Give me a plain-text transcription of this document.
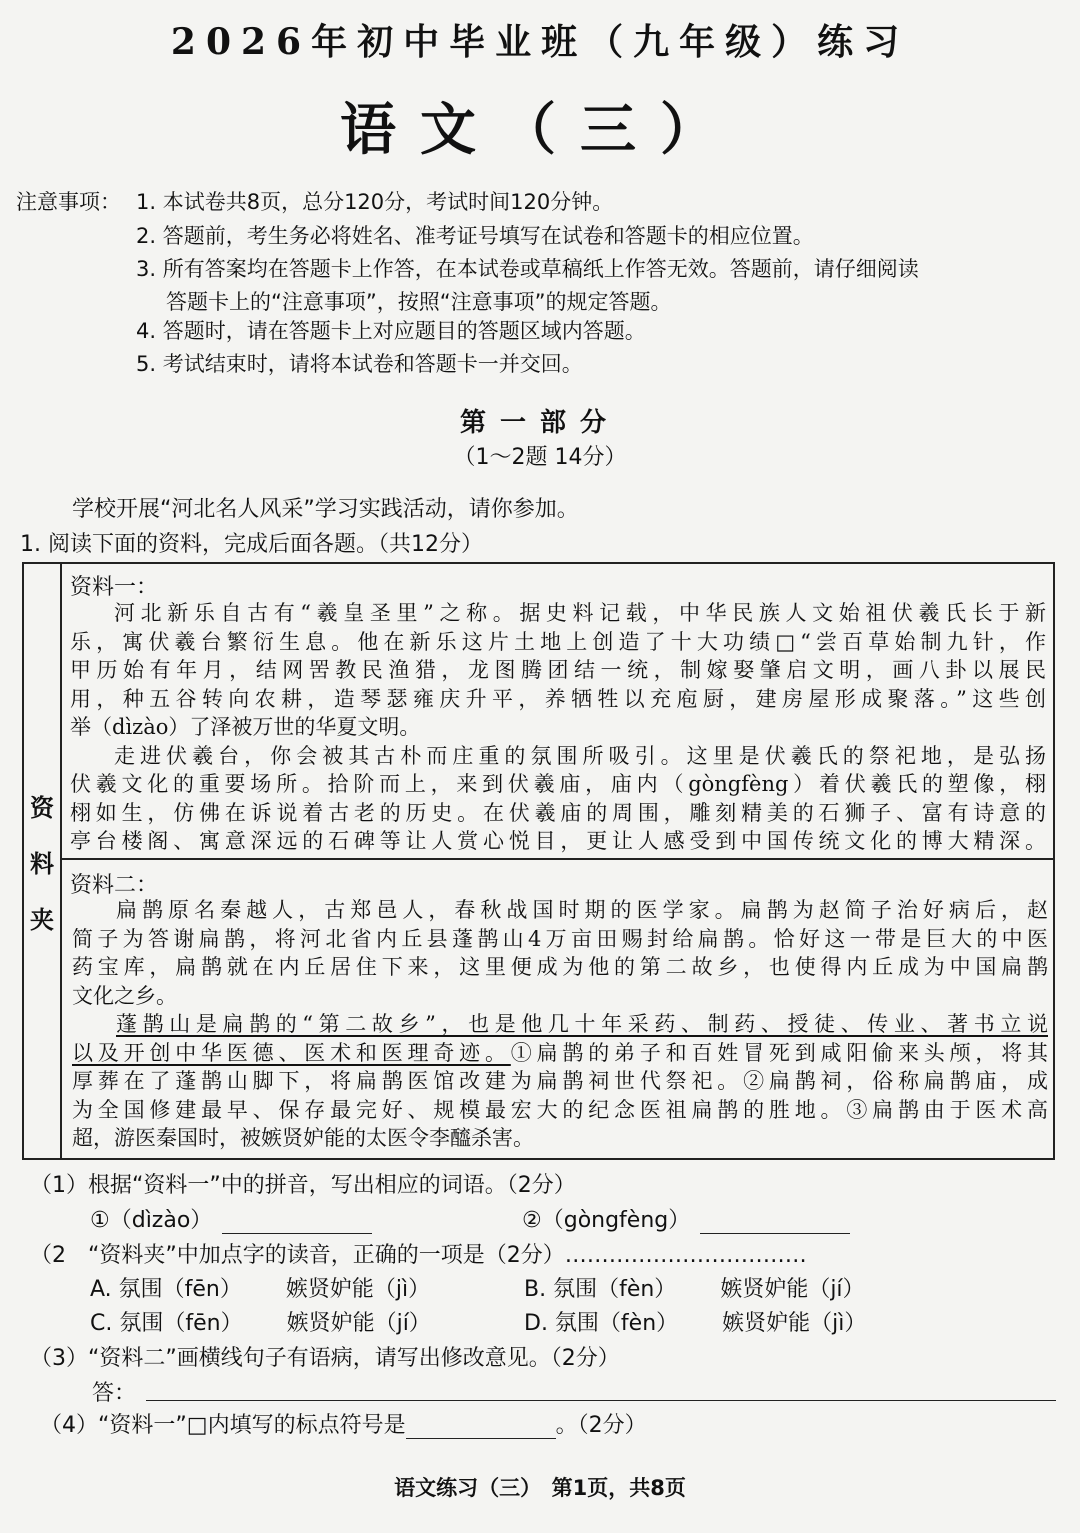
2026年初中毕业班（九年级）练习
语文（三）
注意事项： 1. 本试卷共8页，总分120分，考试时间120分钟。
2. 答题前，考生务必将姓名、准考证号填写在试卷和答题卡的相应位置。
3. 所有答案均在答题卡上作答，在本试卷或草稿纸上作答无效。答题前，请仔细阅读
答题卡上的“注意事项”，按照“注意事项”的规定答题。
4. 答题时，请在答题卡上对应题目的答题区域内答题。
5. 考试结束时，请将本试卷和答题卡一并交回。
第一部分
（1～2题 14分）
学校开展“河北名人风采”学习实践活动，请你参加。
1. 阅读下面的资料，完成后面各题。（共12分）
资
料
夹
资料一：
河北新乐自古有“羲皇圣里”之称。据史料记载，中华民族人文始祖伏羲氏长于新
乐，寓伏羲台繁衍生息。他在新乐这片土地上创造了十大功绩□“尝百草始制九针，作
甲历始有年月，结网罟教民渔猎，龙图腾团结一统，制嫁娶肇启文明，画八卦以展民
用，种五谷转向农耕，造琴瑟雍庆升平，养牺牲以充庖厨，建房屋形成聚落。”这些创
举（dìzào）了泽被万世的华夏文明。
走进伏羲台，你会被其古朴而庄重的氛围所吸引。这里是伏羲氏的祭祀地，是弘扬
伏羲文化的重要场所。拾阶而上，来到伏羲庙，庙内（gòngfèng）着伏羲氏的塑像，栩
栩如生，仿佛在诉说着古老的历史。在伏羲庙的周围，雕刻精美的石狮子、富有诗意的
亭台楼阁、寓意深远的石碑等让人赏心悦目，更让人感受到中国传统文化的博大精深。
资料二：
扁鹊原名秦越人，古郑邑人，春秋战国时期的医学家。扁鹊为赵简子治好病后，赵
简子为答谢扁鹊，将河北省内丘县蓬鹊山4万亩田赐封给扁鹊。恰好这一带是巨大的中医
药宝库，扁鹊就在内丘居住下来，这里便成为他的第二故乡，也使得内丘成为中国扁鹊
文化之乡。
蓬鹊山是扁鹊的“第二故乡”，也是他几十年采药、制药、授徒、传业、著书立说
以及开创中华医德、医术和医理奇迹。①扁鹊的弟子和百姓冒死到咸阳偷来头颅，将其
厚葬在了蓬鹊山脚下，将扁鹊医馆改建为扁鹊祠世代祭祀。②扁鹊祠，俗称扁鹊庙，成
为全国修建最早、保存最完好、规模最宏大的纪念医祖扁鹊的胜地。③扁鹊由于医术高
超，游医秦国时，被嫉贤妒能的太医令李醯杀害。
（1）根据“资料一”中的拼音，写出相应的词语。（2分）
①（dìzào）	②（gòngfèng）
（2　“资料夹”中加点字的读音，正确的一项是（2分）……………………………
A. 氛围（fēn） 嫉贤妒能（jì）	B. 氛围（fèn） 嫉贤妒能（jí）
C. 氛围（fēn） 嫉贤妒能（jí）	D. 氛围（fèn） 嫉贤妒能（jì）
（3）“资料二”画横线句子有语病，请写出修改意见。（2分）
答：
（4）“资料一”□内填写的标点符号是	。（2分）
语文练习（三）　第1页，共8页
